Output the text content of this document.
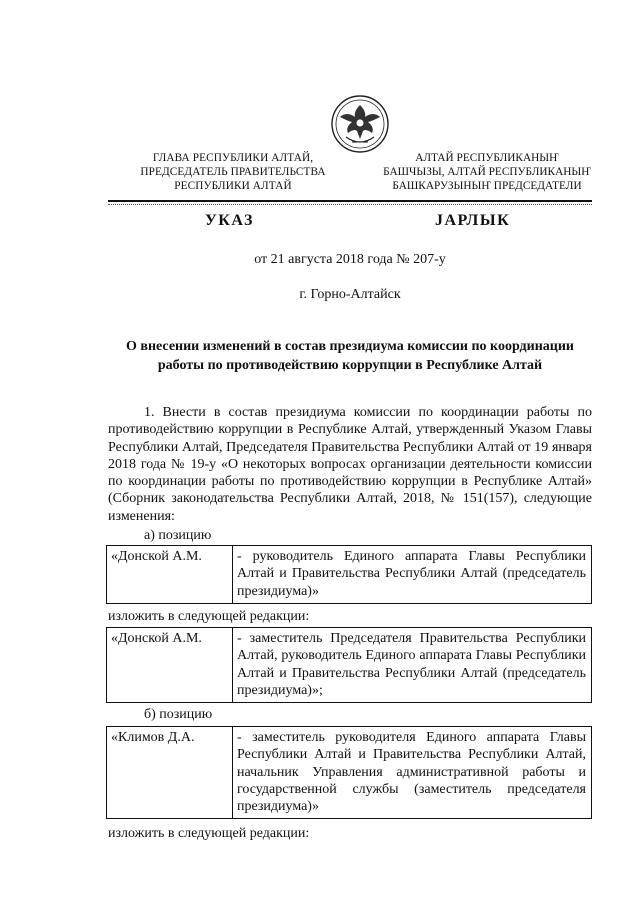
ГЛАВА РЕСПУБЛИКИ АЛТАЙ,
ПРЕДСЕДАТЕЛЬ ПРАВИТЕЛЬСТВА
РЕСПУБЛИКИ АЛТАЙ
АЛТАЙ РЕСПУБЛИКАНЫҤ
БАШЧЫЗЫ, АЛТАЙ РЕСПУБЛИКАНЫҤ
БАШКАРУЗЫНЫҤ ПРЕДСЕДАТЕЛИ
УКАЗ	ЈАРЛЫК
от 21 августа 2018 года № 207-у
г. Горно-Алтайск
О внесении изменений в состав президиума комиссии по координации работы по противодействию коррупции в Республике Алтай
1. Внести в состав президиума комиссии по координации работы по противодействию коррупции в Республике Алтай, утвержденный Указом Главы Республики Алтай, Председателя Правительства Республики Алтай от 19 января 2018 года № 19-у «О некоторых вопросах организации деятельности комиссии по координации работы по противодействию коррупции в Республике Алтай» (Сборник законодательства Республики Алтай, 2018, № 151(157), следующие изменения:
а) позицию
«Донской А.М.	- руководитель Единого аппарата Главы Республики Алтай и Правительства Республики Алтай (председатель президиума)»
изложить в следующей редакции:
«Донской А.М.	- заместитель Председателя Правительства Республики Алтай, руководитель Единого аппарата Главы Республики Алтай и Правительства Республики Алтай (председатель президиума)»;
б) позицию
«Климов Д.А.	- заместитель руководителя Единого аппарата Главы Республики Алтай и Правительства Республики Алтай, начальник Управления административной работы и государственной службы (заместитель председателя президиума)»
изложить в следующей редакции:
